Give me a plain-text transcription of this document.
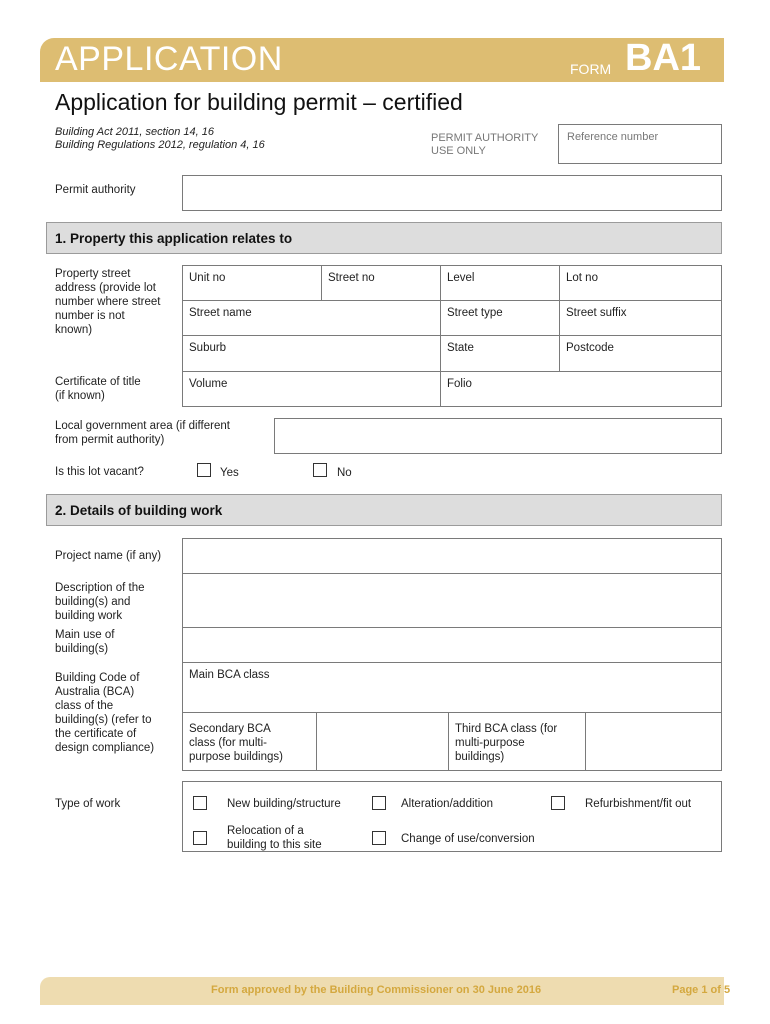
APPLICATION	FORM BA1
Application for building permit – certified
Building Act 2011, section 14, 16
Building Regulations 2012, regulation 4, 16
PERMIT AUTHORITY
USE ONLY
Reference number
Permit authority
1. Property this application relates to
Property street
address (provide lot
number where street
number is not
known)
Unit no	Street no	Level	Lot no
Street name	Street type	Street suffix
Suburb	State	Postcode
Certificate of title
(if known)
Volume	Folio
Local government area (if different
from permit authority)
Is this lot vacant?	Yes	No
2. Details of building work
Project name (if any)
Description of the
building(s) and
building work
Main use of
building(s)
Building Code of
Australia (BCA)
class of the
building(s) (refer to
the certificate of
design compliance)
Main BCA class
Secondary BCA
class (for multi-
purpose buildings)
Third BCA class (for
multi-purpose
buildings)
Type of work	New building/structure	Alteration/addition	Refurbishment/fit out
Relocation of a
building to this site	Change of use/conversion
Form approved by the Building Commissioner on 30 June 2016	Page 1 of 5
